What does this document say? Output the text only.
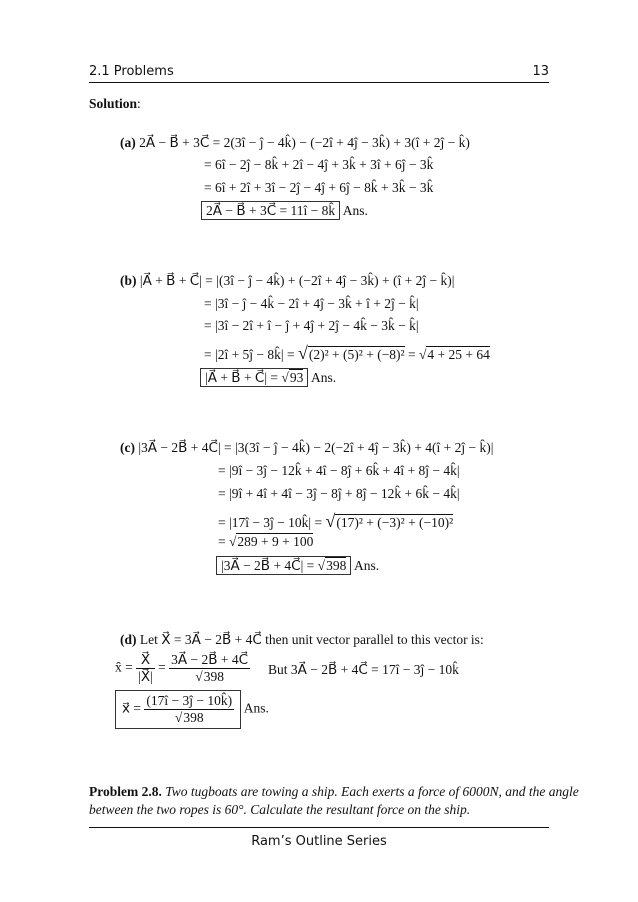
2.1 Problems	13
Solution:
(a) 2A⃗ − B⃗ + 3C⃗ = 2(3î − ĵ − 4k̂) − (−2î + 4ĵ − 3k̂) + 3(î + 2ĵ − k̂)
= 6î − 2ĵ − 8k̂ + 2î − 4ĵ + 3k̂ + 3î + 6ĵ − 3k̂
= 6î + 2î + 3î − 2ĵ − 4ĵ + 6ĵ − 8k̂ + 3k̂ − 3k̂
2A⃗ − B⃗ + 3C⃗ = 11î − 8k̂ Ans.
(b) |A⃗ + B⃗ + C⃗| = |(3î − ĵ − 4k̂) + (−2î + 4ĵ − 3k̂) + (î + 2ĵ − k̂)|
= |3î − ĵ − 4k̂ − 2î + 4ĵ − 3k̂ + î + 2ĵ − k̂|
= |3î − 2î + î − ĵ + 4ĵ + 2ĵ − 4k̂ − 3k̂ − k̂|
= |2î + 5ĵ − 8k̂| = √(2)² + (5)² + (−8)² = √4 + 25 + 64
|A⃗ + B⃗ + C⃗| = √93 Ans.
(c) |3A⃗ − 2B⃗ + 4C⃗| = |3(3î − ĵ − 4k̂) − 2(−2î + 4ĵ − 3k̂) + 4(î + 2ĵ − k̂)|
= |9î − 3ĵ − 12k̂ + 4î − 8ĵ + 6k̂ + 4î + 8ĵ − 4k̂|
= |9î + 4î + 4î − 3ĵ − 8ĵ + 8ĵ − 12k̂ + 6k̂ − 4k̂|
= |17î − 3ĵ − 10k̂| = √(17)² + (−3)² + (−10)²
= √289 + 9 + 100
|3A⃗ − 2B⃗ + 4C⃗| = √398 Ans.
(d) Let X⃗ = 3A⃗ − 2B⃗ + 4C⃗ then unit vector parallel to this vector is:
x̂ = $\frac{X⃗}{|X⃗|} = \frac{3A⃗ - 2B⃗ + 4C⃗}{√398}$ But 3A⃗ − 2B⃗ + 4C⃗ = 17î − 3ĵ − 10k̂
x⃗ = $\frac{(17î - 3ĵ - 10k̂)}{√398}$ Ans.
Problem 2.8. Two tugboats are towing a ship. Each exerts a force of 6000N, and the angle
between the two ropes is 60°. Calculate the resultant force on the ship.
Ram’s Outline Series
